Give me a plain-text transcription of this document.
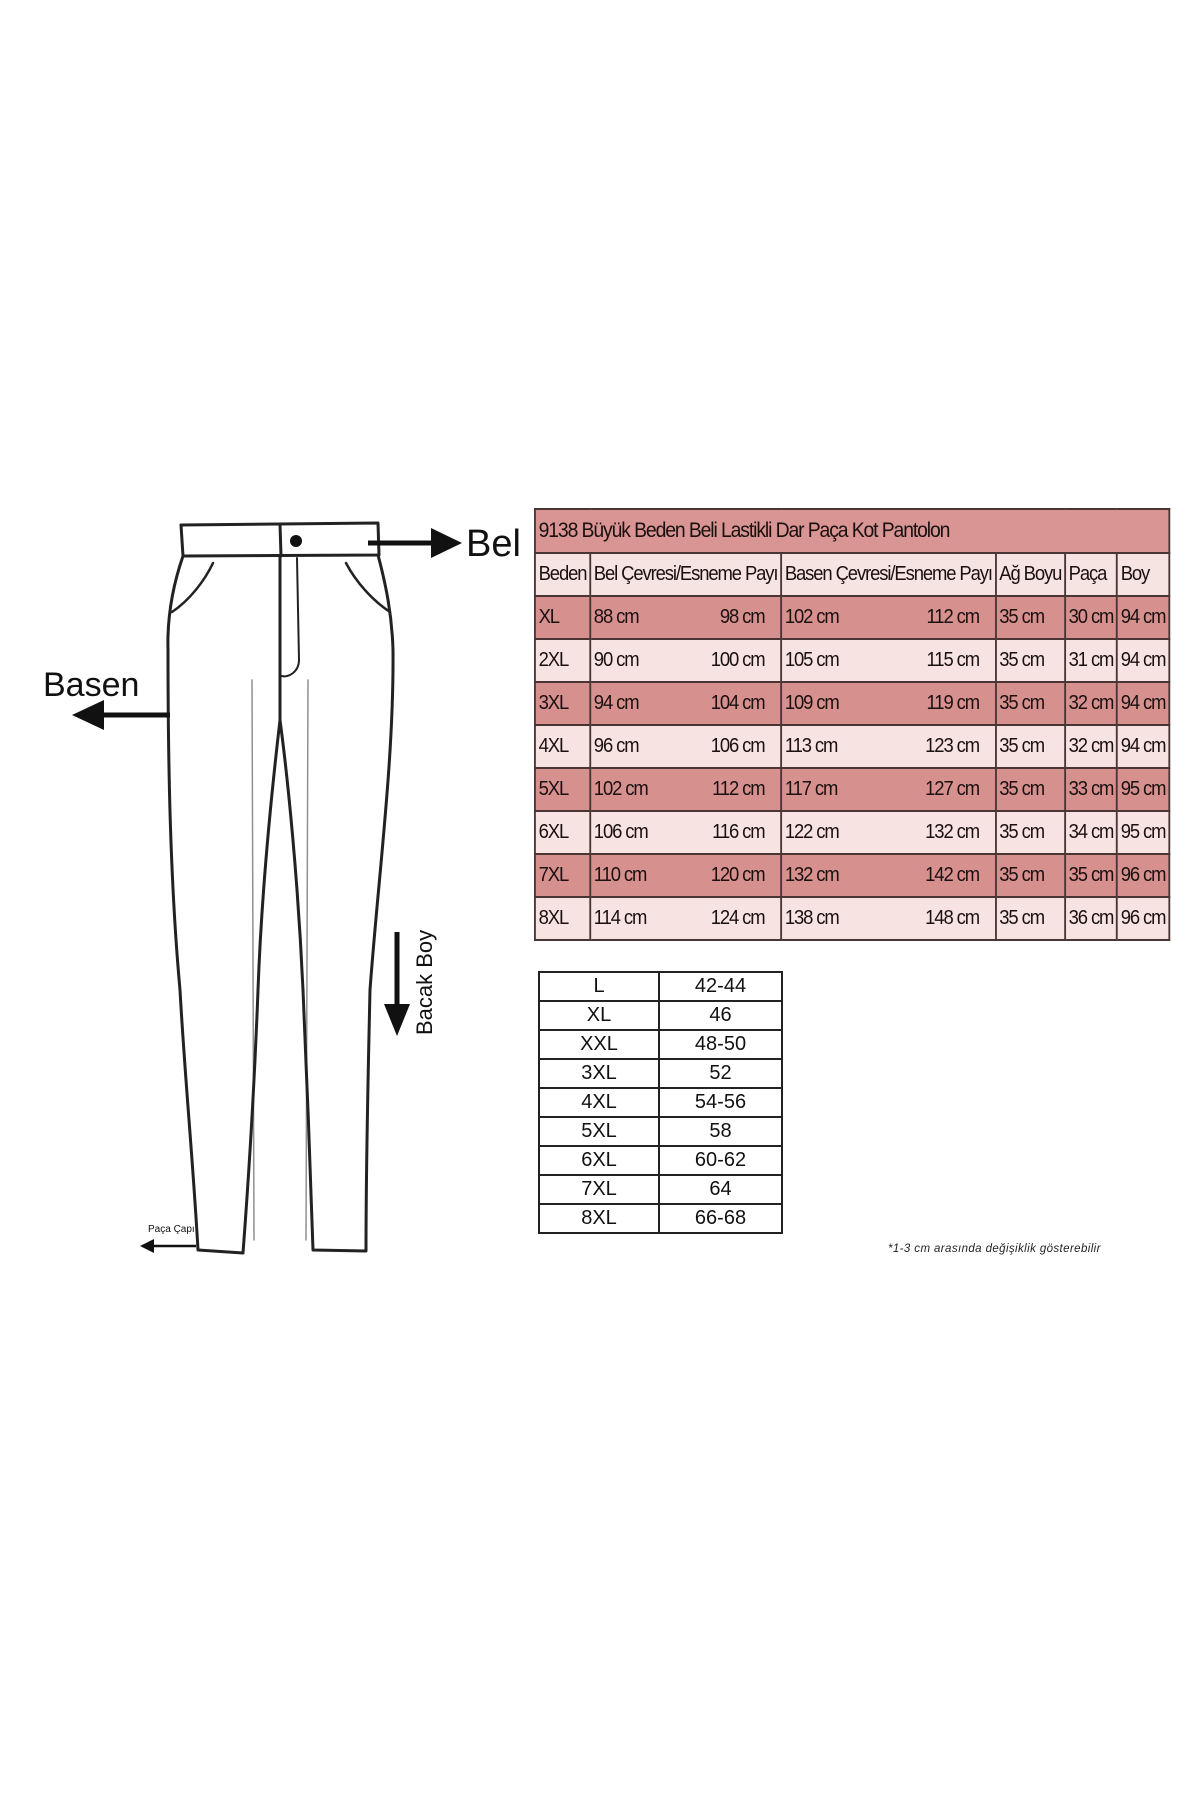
Bel
Basen
Bacak Boy
Paça Çapı
9138 Büyük Beden Beli Lastikli Dar Paça Kot Pantolon					
Beden	Bel Çevresi/Esneme Payı	Basen Çevresi/Esneme Payı	Ağ Boyu	Paça	Boy
XL	88 cm 98 cm	102 cm 112 cm	35 cm	30 cm	94 cm
2XL	90 cm 100 cm	105 cm 115 cm	35 cm	31 cm	94 cm
3XL	94 cm 104 cm	109 cm 119 cm	35 cm	32 cm	94 cm
4XL	96 cm 106 cm	113 cm 123 cm	35 cm	32 cm	94 cm
5XL	102 cm 112 cm	117 cm 127 cm	35 cm	33 cm	95 cm
6XL	106 cm 116 cm	122 cm 132 cm	35 cm	34 cm	95 cm
7XL	110 cm 120 cm	132 cm 142 cm	35 cm	35 cm	96 cm
8XL	114 cm 124 cm	138 cm 148 cm	35 cm	36 cm	96 cm
L	42-44
XL	46
XXL	48-50
3XL	52
4XL	54-56
5XL	58
6XL	60-62
7XL	64
8XL	66-68
*1-3 cm arasında değişiklik gösterebilir
